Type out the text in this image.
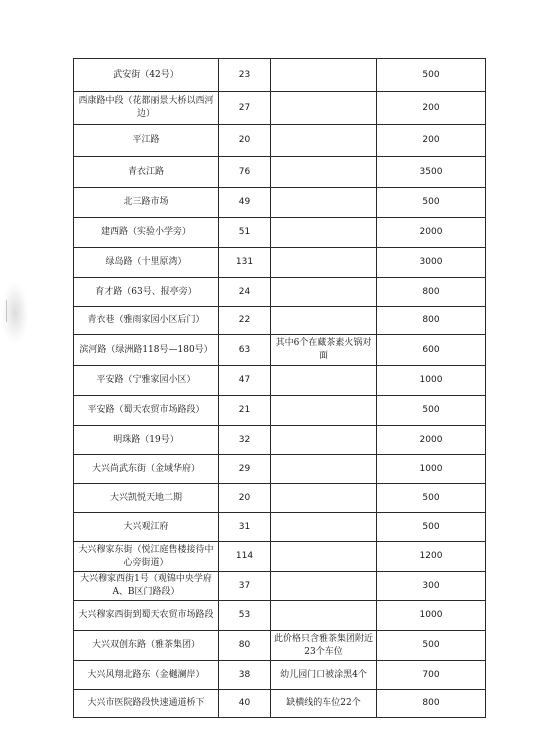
武安街（42号）	23		500
西康路中段（花都丽景大桥以西河边）	27		200
平江路	20		200
青衣江路	76		3500
北三路市场	49		500
建西路（实验小学旁）	51		2000
绿岛路（十里原湾）	131		3000
育才路（63号、报亭旁）	24		800
青衣巷（雅雨家园小区后门）	22		800
滨河路（绿洲路118号—180号）	63	其中6个在藏茶素火锅对面	600
平安路（宁雅家园小区）	47		1000
平安路（蜀天农贸市场路段）	21		500
明珠路（19号）	32		2000
大兴尚武东街（金域华府）	29		1000
大兴凯悦天地二期	20		500
大兴观江府	31		500
大兴穆家东街（悦江庭售楼接待中心旁街道）	114		1200
大兴穆家西街1号（观锦中央学府A、B区门路段）	37		300
大兴穆家西街到蜀天农贸市场路段	53		1000
大兴双创东路（雅茶集团）	80	此价格只含雅茶集团附近23个车位	500
大兴风翔北路东（金樾澜岸）	38	幼儿园门口被涂黑4个	700
大兴市医院路段快速通道桥下	40	缺横线的车位22个	800
